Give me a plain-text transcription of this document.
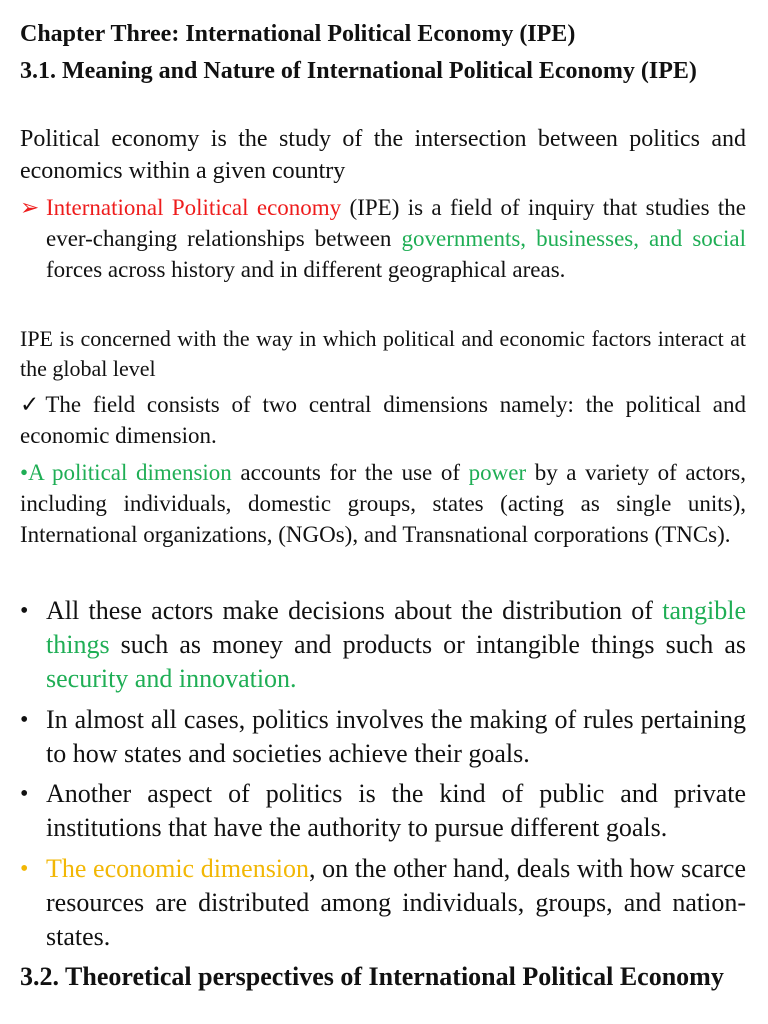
Chapter Three: International Political Economy (IPE)
3.1. Meaning and Nature of International Political Economy (IPE)
Political economy is the study of the intersection between politics and economics within a given country
➢ International Political economy (IPE) is a field of inquiry that studies the ever-changing relationships between governments, businesses, and social forces across history and in different geographical areas.
IPE is concerned with the way in which political and economic factors interact at the global level
✓The field consists of two central dimensions namely: the political and economic dimension.
•A political dimension accounts for the use of power by a variety of actors, including individuals, domestic groups, states (acting as single units), International organizations, (NGOs), and Transnational corporations (TNCs).
• All these actors make decisions about the distribution of tangible things such as money and products or intangible things such as security and innovation.
• In almost all cases, politics involves the making of rules pertaining to how states and societies achieve their goals.
• Another aspect of politics is the kind of public and private institutions that have the authority to pursue different goals.
• The economic dimension, on the other hand, deals with how scarce resources are distributed among individuals, groups, and nation-states.
3.2. Theoretical perspectives of International Political Economy
